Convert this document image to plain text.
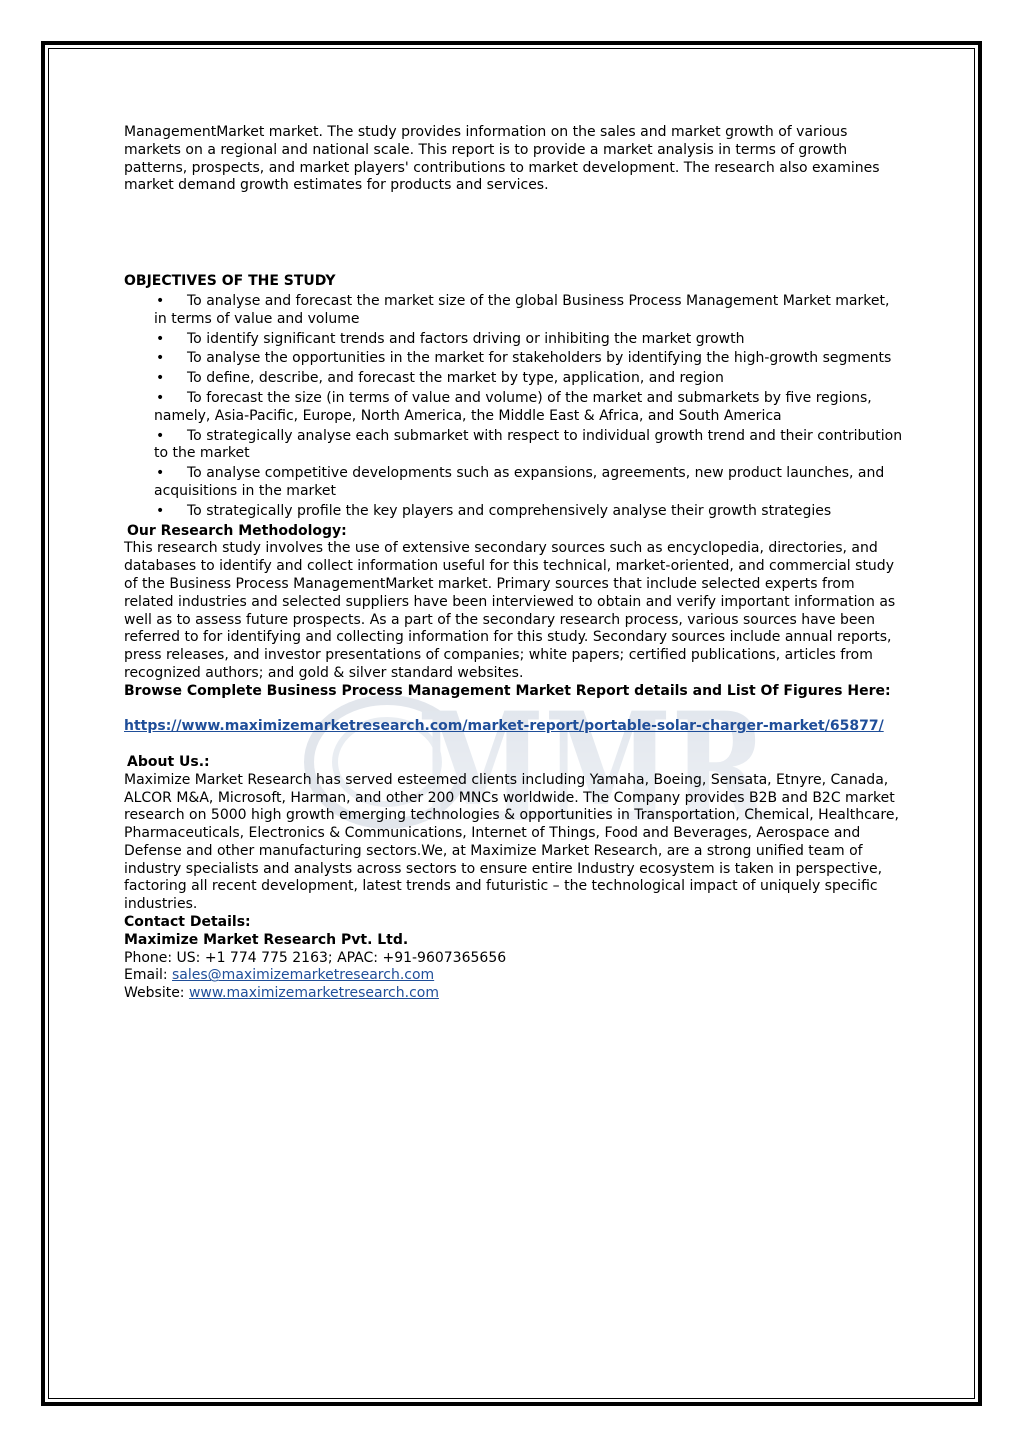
MMR

ManagementMarket market. The study provides information on the sales and market growth of various markets on a regional and national scale. This report is to provide a market analysis in terms of growth patterns, prospects, and market players' contributions to market development. The research also examines market demand growth estimates for products and services.

OBJECTIVES OF THE STUDY
• To analyse and forecast the market size of the global Business Process Management Market market, in terms of value and volume
• To identify significant trends and factors driving or inhibiting the market growth
• To analyse the opportunities in the market for stakeholders by identifying the high-growth segments
• To define, describe, and forecast the market by type, application, and region
• To forecast the size (in terms of value and volume) of the market and submarkets by five regions, namely, Asia-Pacific, Europe, North America, the Middle East & Africa, and South America
• To strategically analyse each submarket with respect to individual growth trend and their contribution to the market
• To analyse competitive developments such as expansions, agreements, new product launches, and acquisitions in the market
• To strategically profile the key players and comprehensively analyse their growth strategies
Our Research Methodology:

This research study involves the use of extensive secondary sources such as encyclopedia, directories, and databases to identify and collect information useful for this technical, market-oriented, and commercial study of the Business Process ManagementMarket market. Primary sources that include selected experts from related industries and selected suppliers have been interviewed to obtain and verify important information as well as to assess future prospects. As a part of the secondary research process, various sources have been referred to for identifying and collecting information for this study. Secondary sources include annual reports, press releases, and investor presentations of companies; white papers; certified publications, articles from recognized authors; and gold & silver standard websites.

Browse Complete Business Process Management Market Report details and List Of Figures Here:

https://www.maximizemarketresearch.com/market-report/portable-solar-charger-market/65877/

About Us.:

Maximize Market Research has served esteemed clients including Yamaha, Boeing, Sensata, Etnyre, Canada, ALCOR M&A, Microsoft, Harman, and other 200 MNCs worldwide. The Company provides B2B and B2C market research on 5000 high growth emerging technologies & opportunities in Transportation, Chemical, Healthcare, Pharmaceuticals, Electronics & Communications, Internet of Things, Food and Beverages, Aerospace and Defense and other manufacturing sectors.We, at Maximize Market Research, are a strong unified team of industry specialists and analysts across sectors to ensure entire Industry ecosystem is taken in perspective, factoring all recent development, latest trends and futuristic – the technological impact of uniquely specific industries.

Contact Details:
Maximize Market Research Pvt. Ltd.
Phone: US: +1 774 775 2163; APAC: +91-9607365656
Email: sales@maximizemarketresearch.com
Website: www.maximizemarketresearch.com
